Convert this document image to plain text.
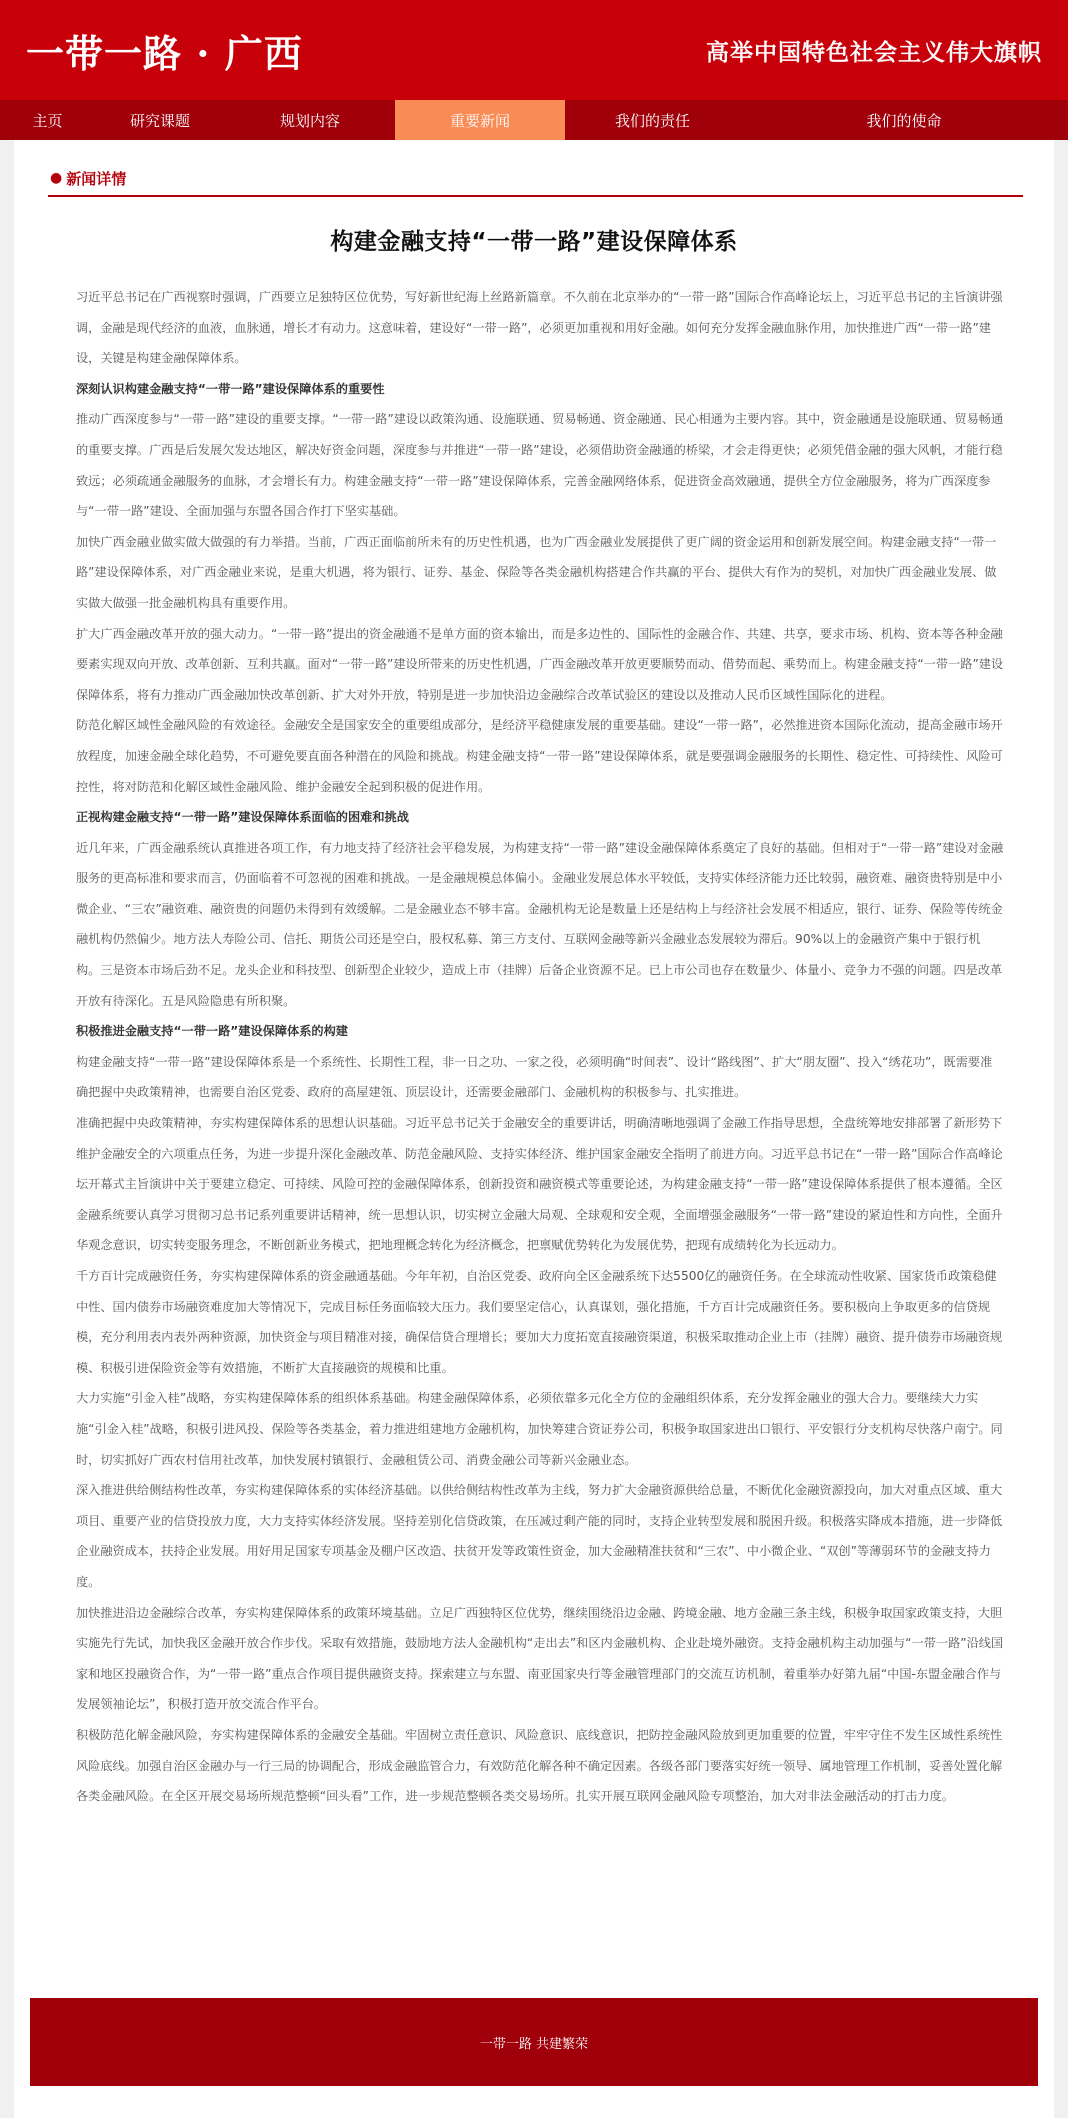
一带一路 · 广西	高举中国特色社会主义伟大旗帜
主页	研究课题	规划内容	重要新闻	我们的责任	我们的使命
● 新闻详情
构建金融支持“一带一路”建设保障体系

习近平总书记在广西视察时强调，广西要立足独特区位优势，写好新世纪海上丝路新篇章。不久前在北京举办的“一带一路”国际合作高峰论坛上，习近平总书记的主旨演讲强调，金融是现代经济的血液，血脉通，增长才有动力。这意味着，建设好“一带一路”，必须更加重视和用好金融。如何充分发挥金融血脉作用，加快推进广西“一带一路”建设，关键是构建金融保障体系。

深刻认识构建金融支持“一带一路”建设保障体系的重要性

推动广西深度参与“一带一路”建设的重要支撑。“一带一路”建设以政策沟通、设施联通、贸易畅通、资金融通、民心相通为主要内容。其中，资金融通是设施联通、贸易畅通的重要支撑。广西是后发展欠发达地区，解决好资金问题，深度参与并推进“一带一路”建设，必须借助资金融通的桥梁，才会走得更快；必须凭借金融的强大风帆，才能行稳致远；必须疏通金融服务的血脉，才会增长有力。构建金融支持“一带一路”建设保障体系，完善金融网络体系，促进资金高效融通，提供全方位金融服务，将为广西深度参与“一带一路”建设、全面加强与东盟各国合作打下坚实基础。

加快广西金融业做实做大做强的有力举措。当前，广西正面临前所未有的历史性机遇，也为广西金融业发展提供了更广阔的资金运用和创新发展空间。构建金融支持“一带一路”建设保障体系，对广西金融业来说，是重大机遇，将为银行、证券、基金、保险等各类金融机构搭建合作共赢的平台、提供大有作为的契机，对加快广西金融业发展、做实做大做强一批金融机构具有重要作用。

扩大广西金融改革开放的强大动力。“一带一路”提出的资金融通不是单方面的资本输出，而是多边性的、国际性的金融合作、共建、共享，要求市场、机构、资本等各种金融要素实现双向开放、改革创新、互利共赢。面对“一带一路”建设所带来的历史性机遇，广西金融改革开放更要顺势而动、借势而起、乘势而上。构建金融支持“一带一路”建设保障体系，将有力推动广西金融加快改革创新、扩大对外开放，特别是进一步加快沿边金融综合改革试验区的建设以及推动人民币区域性国际化的进程。

防范化解区域性金融风险的有效途径。金融安全是国家安全的重要组成部分，是经济平稳健康发展的重要基础。建设“一带一路”，必然推进资本国际化流动，提高金融市场开放程度，加速金融全球化趋势，不可避免要直面各种潜在的风险和挑战。构建金融支持“一带一路”建设保障体系，就是要强调金融服务的长期性、稳定性、可持续性、风险可控性，将对防范和化解区域性金融风险、维护金融安全起到积极的促进作用。

正视构建金融支持“一带一路”建设保障体系面临的困难和挑战

近几年来，广西金融系统认真推进各项工作，有力地支持了经济社会平稳发展，为构建支持“一带一路”建设金融保障体系奠定了良好的基础。但相对于“一带一路”建设对金融服务的更高标准和要求而言，仍面临着不可忽视的困难和挑战。一是金融规模总体偏小。金融业发展总体水平较低，支持实体经济能力还比较弱，融资难、融资贵特别是中小微企业、“三农”融资难、融资贵的问题仍未得到有效缓解。二是金融业态不够丰富。金融机构无论是数量上还是结构上与经济社会发展不相适应，银行、证券、保险等传统金融机构仍然偏少。地方法人寿险公司、信托、期货公司还是空白，股权私募、第三方支付、互联网金融等新兴金融业态发展较为滞后。90%以上的金融资产集中于银行机构。三是资本市场后劲不足。龙头企业和科技型、创新型企业较少，造成上市（挂牌）后备企业资源不足。已上市公司也存在数量少、体量小、竞争力不强的问题。四是改革开放有待深化。五是风险隐患有所积聚。

积极推进金融支持“一带一路”建设保障体系的构建

构建金融支持“一带一路”建设保障体系是一个系统性、长期性工程，非一日之功、一家之役，必须明确“时间表”、设计“路线图”、扩大“朋友圈”、投入“绣花功”，既需要准确把握中央政策精神，也需要自治区党委、政府的高屋建瓴、顶层设计，还需要金融部门、金融机构的积极参与、扎实推进。

准确把握中央政策精神，夯实构建保障体系的思想认识基础。习近平总书记关于金融安全的重要讲话，明确清晰地强调了金融工作指导思想，全盘统筹地安排部署了新形势下维护金融安全的六项重点任务，为进一步提升深化金融改革、防范金融风险、支持实体经济、维护国家金融安全指明了前进方向。习近平总书记在“一带一路”国际合作高峰论坛开幕式主旨演讲中关于要建立稳定、可持续、风险可控的金融保障体系，创新投资和融资模式等重要论述，为构建金融支持“一带一路”建设保障体系提供了根本遵循。全区金融系统要认真学习贯彻习总书记系列重要讲话精神，统一思想认识，切实树立金融大局观、全球观和安全观，全面增强金融服务“一带一路”建设的紧迫性和方向性，全面升华观念意识，切实转变服务理念，不断创新业务模式，把地理概念转化为经济概念，把禀赋优势转化为发展优势，把现有成绩转化为长远动力。

千方百计完成融资任务，夯实构建保障体系的资金融通基础。今年年初，自治区党委、政府向全区金融系统下达5500亿的融资任务。在全球流动性收紧、国家货币政策稳健中性、国内债券市场融资难度加大等情况下，完成目标任务面临较大压力。我们要坚定信心，认真谋划，强化措施，千方百计完成融资任务。要积极向上争取更多的信贷规模，充分利用表内表外两种资源，加快资金与项目精准对接，确保信贷合理增长；要加大力度拓宽直接融资渠道，积极采取推动企业上市（挂牌）融资、提升债券市场融资规模、积极引进保险资金等有效措施，不断扩大直接融资的规模和比重。

大力实施“引金入桂”战略，夯实构建保障体系的组织体系基础。构建金融保障体系，必须依靠多元化全方位的金融组织体系，充分发挥金融业的强大合力。要继续大力实施“引金入桂”战略，积极引进风投、保险等各类基金，着力推进组建地方金融机构，加快筹建合资证券公司，积极争取国家进出口银行、平安银行分支机构尽快落户南宁。同时，切实抓好广西农村信用社改革，加快发展村镇银行、金融租赁公司、消费金融公司等新兴金融业态。

深入推进供给侧结构性改革，夯实构建保障体系的实体经济基础。以供给侧结构性改革为主线，努力扩大金融资源供给总量，不断优化金融资源投向，加大对重点区域、重大项目、重要产业的信贷投放力度，大力支持实体经济发展。坚持差别化信贷政策，在压减过剩产能的同时，支持企业转型发展和脱困升级。积极落实降成本措施，进一步降低企业融资成本，扶持企业发展。用好用足国家专项基金及棚户区改造、扶贫开发等政策性资金，加大金融精准扶贫和“三农”、中小微企业、“双创”等薄弱环节的金融支持力度。

加快推进沿边金融综合改革，夯实构建保障体系的政策环境基础。立足广西独特区位优势，继续围绕沿边金融、跨境金融、地方金融三条主线，积极争取国家政策支持，大胆实施先行先试，加快我区金融开放合作步伐。采取有效措施，鼓励地方法人金融机构“走出去”和区内金融机构、企业赴境外融资。支持金融机构主动加强与“一带一路”沿线国家和地区投融资合作，为“一带一路”重点合作项目提供融资支持。探索建立与东盟、南亚国家央行等金融管理部门的交流互访机制，着重举办好第九届“中国-东盟金融合作与发展领袖论坛”，积极打造开放交流合作平台。

积极防范化解金融风险，夯实构建保障体系的金融安全基础。牢固树立责任意识、风险意识、底线意识，把防控金融风险放到更加重要的位置，牢牢守住不发生区域性系统性风险底线。加强自治区金融办与一行三局的协调配合，形成金融监管合力，有效防范化解各种不确定因素。各级各部门要落实好统一领导、属地管理工作机制，妥善处置化解各类金融风险。在全区开展交易场所规范整顿“回头看”工作，进一步规范整顿各类交易场所。扎实开展互联网金融风险专项整治，加大对非法金融活动的打击力度。

一带一路 共建繁荣
